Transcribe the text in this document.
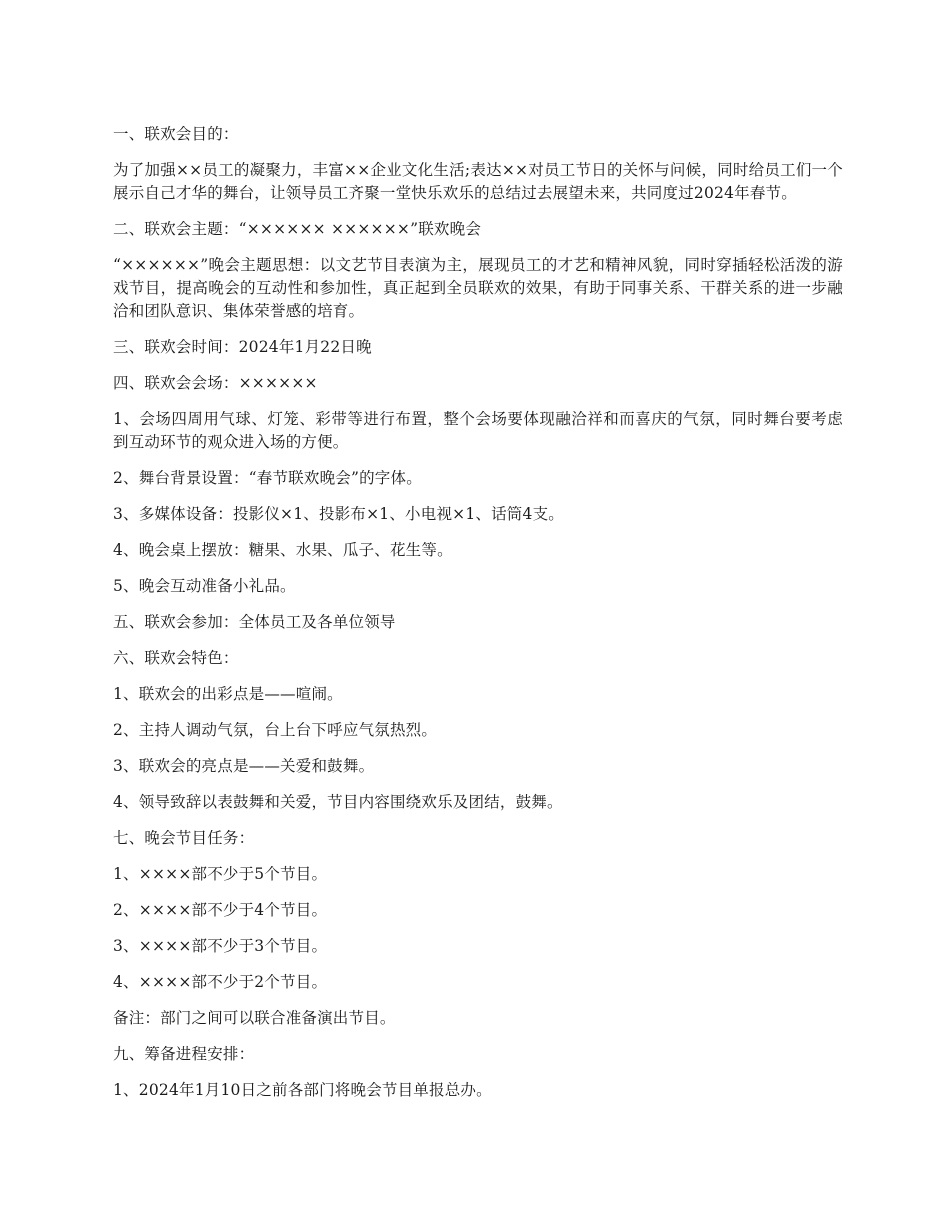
一、联欢会目的：

为了加强××员工的凝聚力，丰富××企业文化生活;表达××对员工节日的关怀与问候，同时给员工们一个展示自己才华的舞台，让领导员工齐聚一堂快乐欢乐的总结过去展望未来，共同度过2024年春节。

二、联欢会主题：“×××××× ××××××”联欢晚会

“××××××”晚会主题思想：以文艺节目表演为主，展现员工的才艺和精神风貌，同时穿插轻松活泼的游戏节目，提高晚会的互动性和参加性，真正起到全员联欢的效果，有助于同事关系、干群关系的进一步融洽和团队意识、集体荣誉感的培育。

三、联欢会时间：2024年1月22日晚

四、联欢会会场：××××××

1、会场四周用气球、灯笼、彩带等进行布置，整个会场要体现融洽祥和而喜庆的气氛，同时舞台要考虑到互动环节的观众进入场的方便。

2、舞台背景设置：“春节联欢晚会”的字体。

3、多媒体设备：投影仪×1、投影布×1、小电视×1、话筒4支。

4、晚会桌上摆放：糖果、水果、瓜子、花生等。

5、晚会互动准备小礼品。

五、联欢会参加：全体员工及各单位领导

六、联欢会特色：

1、联欢会的出彩点是——喧闹。

2、主持人调动气氛，台上台下呼应气氛热烈。

3、联欢会的亮点是——关爱和鼓舞。

4、领导致辞以表鼓舞和关爱，节目内容围绕欢乐及团结，鼓舞。

七、晚会节目任务：

1、××××部不少于5个节目。

2、××××部不少于4个节目。

3、××××部不少于3个节目。

4、××××部不少于2个节目。

备注：部门之间可以联合准备演出节目。

九、筹备进程安排：

1、2024年1月10日之前各部门将晚会节目单报总办。
